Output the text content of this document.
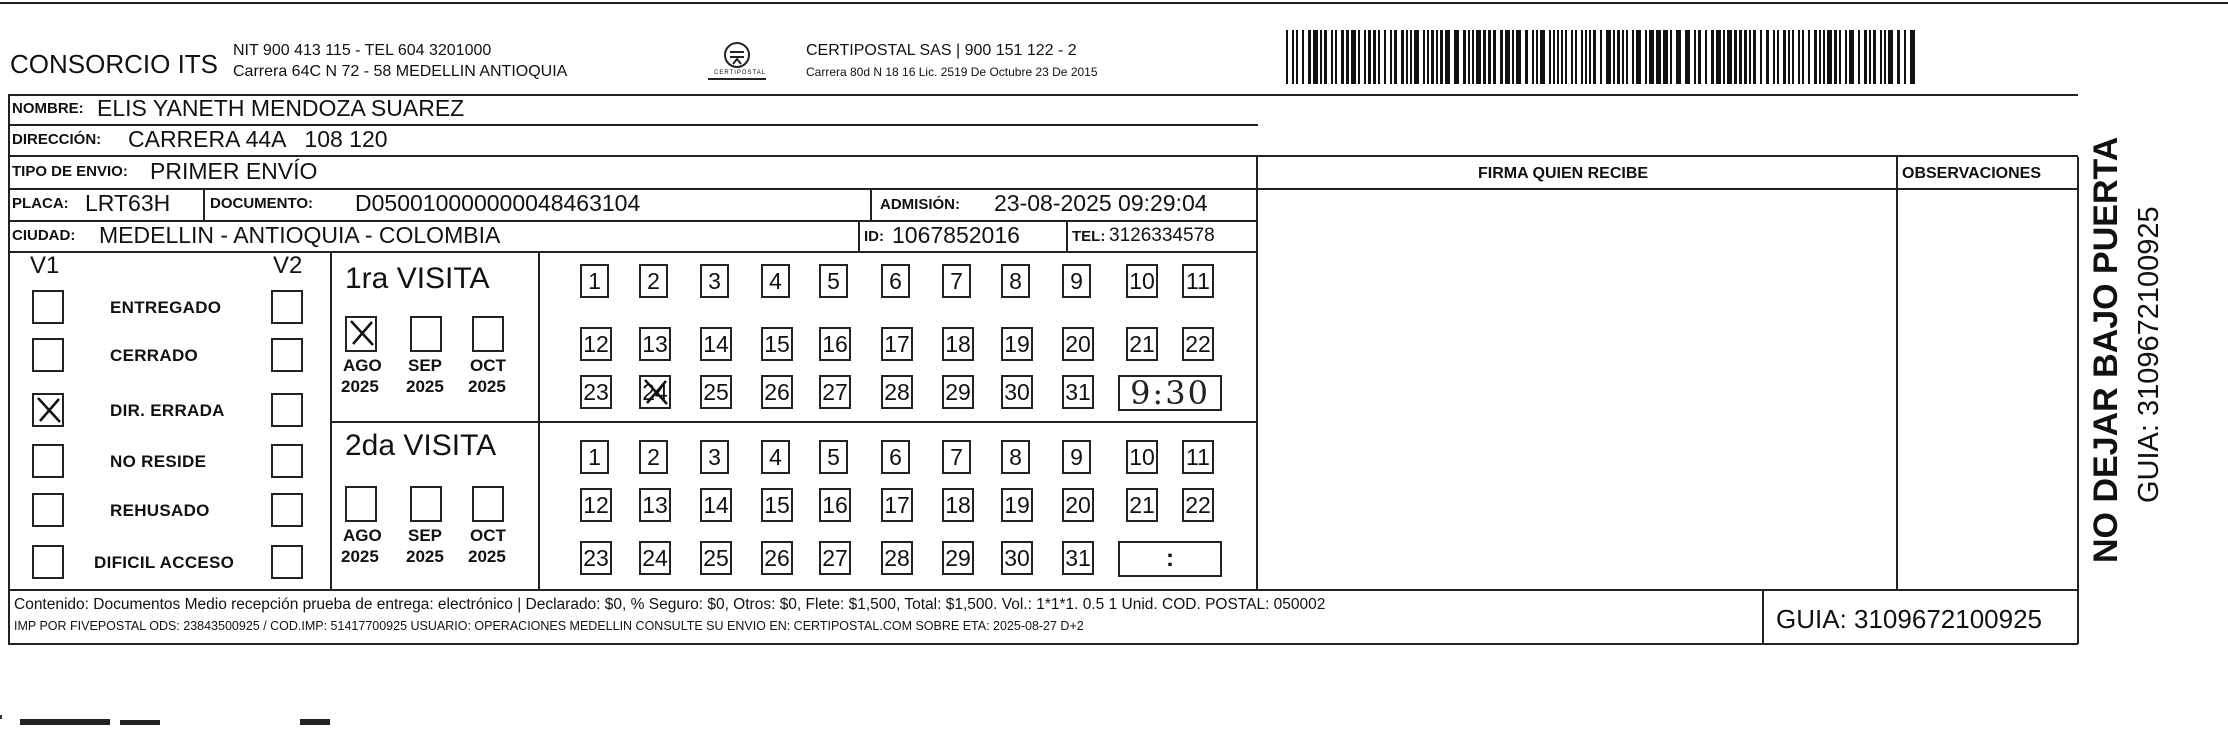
CONSORCIO ITS NIT 900 413 115 - TEL 604 3201000
Carrera 64C N 72 - 58 MEDELLIN ANTIOQUIA	CERTIPOSTAL
CERTIPOSTAL SAS | 900 151 122 - 2
Carrera 80d N 18 16 Lic. 2519 De Octubre 23 De 2015
NOMBRE: ELIS YANETH MENDOZA SUAREZ
DIRECCIÓN: CARRERA 44A   108 120
TIPO DE ENVIO: PRIMER ENVÍO
PLACA: LRT63H	DOCUMENTO: D050010000000048463104	ADMISIÓN: 23-08-2025 09:29:04
CIUDAD: MEDELLIN - ANTIOQUIA - COLOMBIA	ID: 1067852016	TEL: 3126334578
FIRMA QUIEN RECIBE	OBSERVACIONES
V1	V2
ENTREGADO
CERRADO
DIR. ERRADA
NO RESIDE
REHUSADO
DIFICIL ACCESO
1ra VISITA
2da VISITA
AGO
2025
SEP
2025
OCT
2025
AGO
2025
SEP
2025
OCT
2025
1	2	3	4	5	6	7	8	9	10 11
12 13 14 15 16 17 18 19 20 21 22
23 24 25 26 27 28 29 30 31 9:30
1	2	3	4	5	6	7	8	9	10 11
12 13 14 15 16 17 18 19 20 21 22
23 24 25 26 27 28 29 30 31	:
Contenido: Documentos Medio recepción prueba de entrega: electrónico | Declarado: $0, % Seguro: $0, Otros: $0, Flete: $1,500, Total: $1,500. Vol.: 1*1*1. 0.5 1 Unid. COD. POSTAL: 050002
IMP POR FIVEPOSTAL ODS: 23843500925 / COD.IMP: 51417700925 USUARIO: OPERACIONES MEDELLIN CONSULTE SU ENVIO EN: CERTIPOSTAL.COM SOBRE ETA: 2025-08-27 D+2	GUIA: 3109672100925
NO DEJAR BAJO PUERTA GUIA: 3109672100925
